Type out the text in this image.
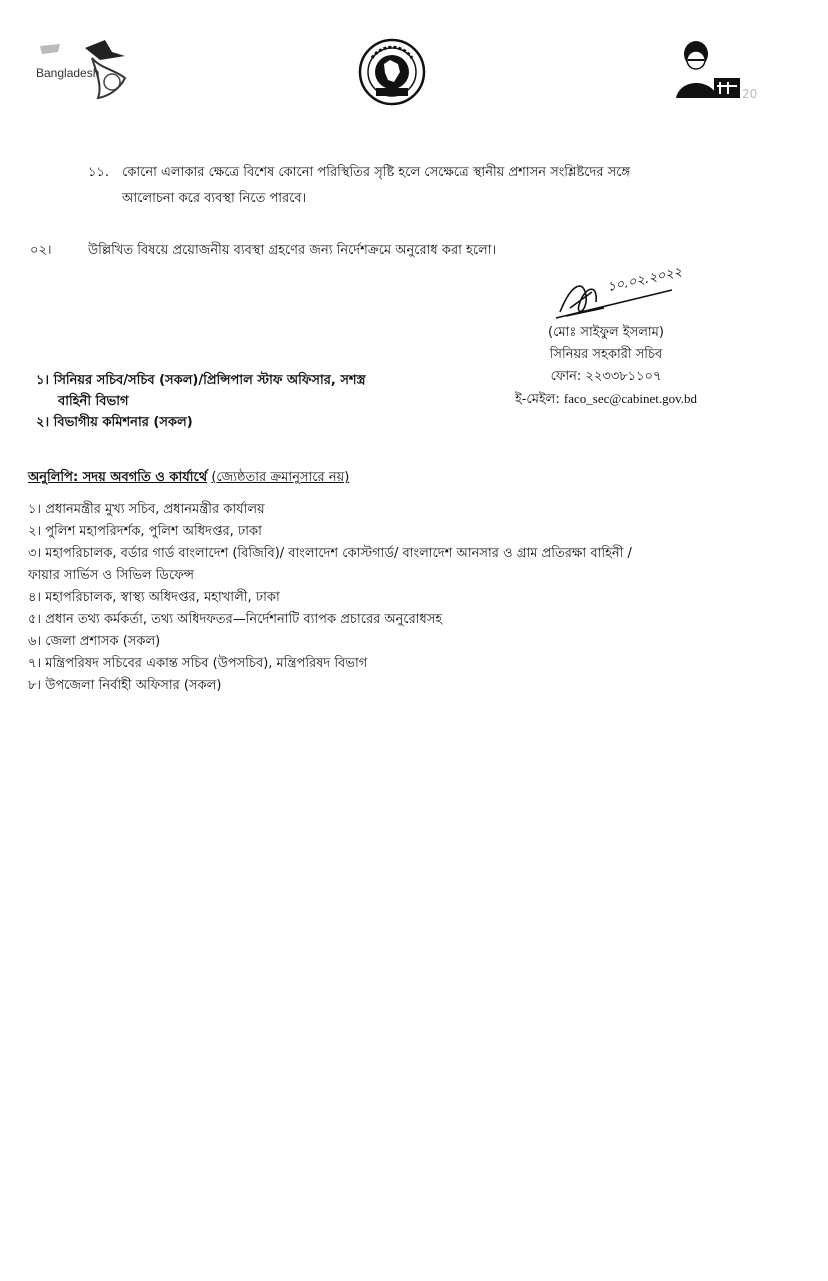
Bangladesh
20
১১. কোনো এলাকার ক্ষেত্রে বিশেষ কোনো পরিস্থিতির সৃষ্টি হলে সেক্ষেত্রে স্থানীয় প্রশাসন সংশ্লিষ্টদের সঙ্গে
আলোচনা করে ব্যবস্থা নিতে পারবে।
০২।	উল্লিখিত বিষয়ে প্রয়োজনীয় ব্যবস্থা গ্রহণের জন্য নির্দেশক্রমে অনুরোধ করা হলো।
১০.০২.২০২২
(মোঃ সাইফুল ইসলাম)
সিনিয়র সহকারী সচিব
ফোন: ২২৩৩৮১১০৭
ই-মেইল: faco_sec@cabinet.gov.bd
১। সিনিয়র সচিব/সচিব (সকল)/প্রিন্সিপাল স্টাফ অফিসার, সশস্ত্র
বাহিনী বিভাগ
২। বিভাগীয় কমিশনার (সকল)
অনুলিপি: সদয় অবগতি ও কার্যার্থে (জ্যেষ্ঠতার ক্রমানুসারে নয়)
১। প্রধানমন্ত্রীর মুখ্য সচিব, প্রধানমন্ত্রীর কার্যালয়
২। পুলিশ মহাপরিদর্শক, পুলিশ অধিদপ্তর, ঢাকা
৩। মহাপরিচালক, বর্ডার গার্ড বাংলাদেশ (বিজিবি)/ বাংলাদেশ কোস্টগার্ড/ বাংলাদেশ আনসার ও গ্রাম প্রতিরক্ষা বাহিনী /
ফায়ার সার্ভিস ও সিভিল ডিফেন্স
৪। মহাপরিচালক, স্বাস্থ্য অধিদপ্তর, মহাখালী, ঢাকা
৫। প্রধান তথ্য কর্মকর্তা, তথ্য অধিদফতর—নির্দেশনাটি ব্যাপক প্রচারের অনুরোধসহ
৬। জেলা প্রশাসক (সকল)
৭। মন্ত্রিপরিষদ সচিবের একান্ত সচিব (উপসচিব), মন্ত্রিপরিষদ বিভাগ
৮। উপজেলা নির্বাহী অফিসার (সকল)
